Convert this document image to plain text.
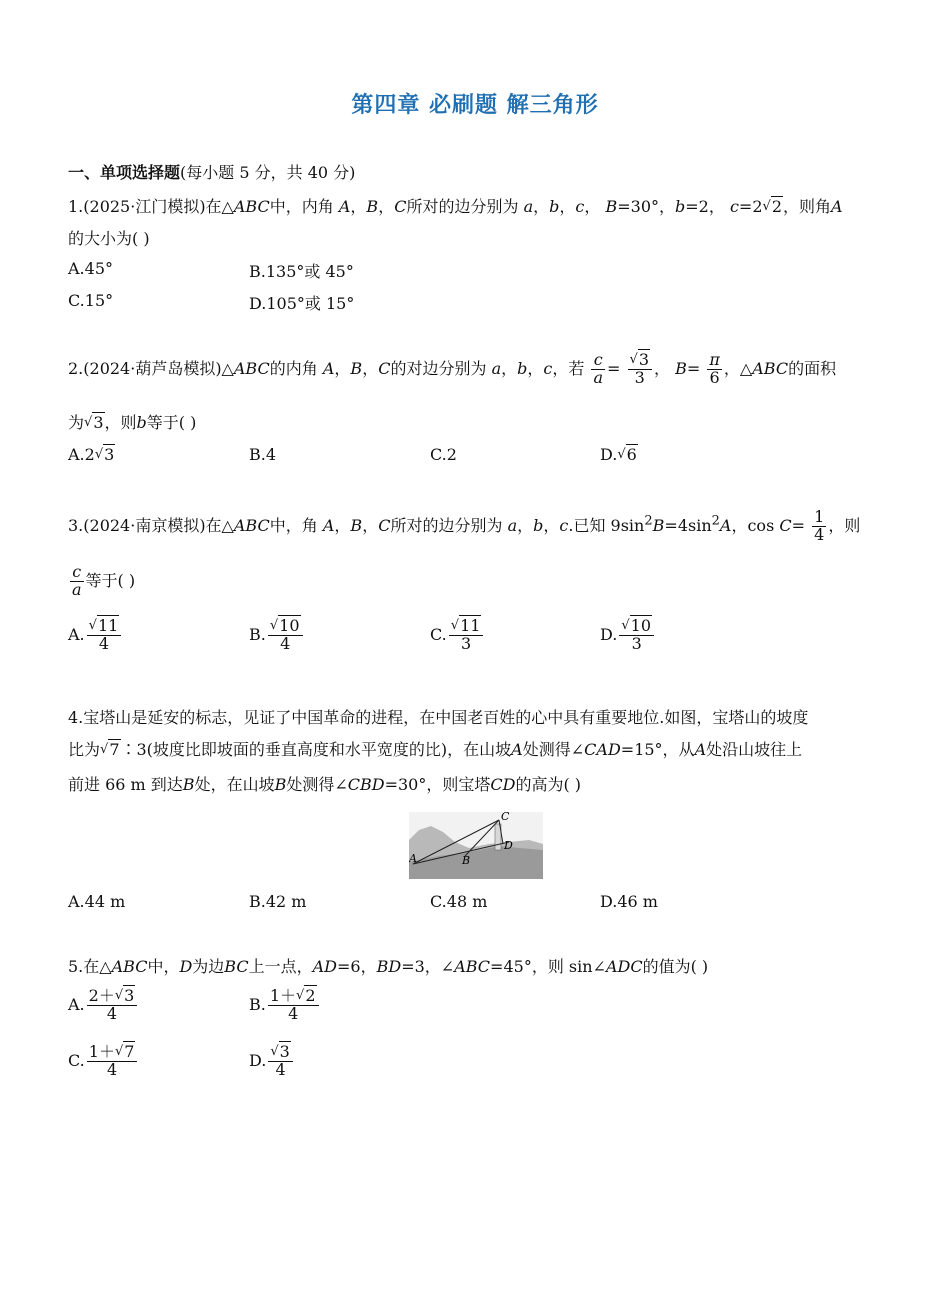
第四章 必刷题 解三角形
一、单项选择题(每小题 5 分，共 40 分)
1.(2025·江门模拟)在△ABC中，内角 A，B，C所对的边分别为 a，b，c， B=30°，b=2， c=2√2，则角A
的大小为( )
A.45°	B.135°或 45°
C.15°	D.105°或 15°
2.(2024·葫芦岛模拟)△ABC的内角 A，B，C的对边分别为 a，b，c，若 $\frac{c}{a} = \frac{√3}{3}$ ， $B= \frac{\pi}{6}$ ，△ABC的面积
为√3，则b等于( )
A.2√3	B.4	C.2	D.√6
3.(2024·南京模拟)在△ABC中，角 A，B，C所对的边分别为 a，b，c.已知 $9\sin^2B=4\sin^2A$，$\cos C= \frac{1}{4}$ ，则
$\frac{c}{a}$ 等于( )
A. $\frac{√11}{4}$	B. $\frac{√10}{4}$	C. $\frac{√11}{3}$	D. $\frac{√10}{3}$
4.宝塔山是延安的标志，见证了中国革命的进程，在中国老百姓的心中具有重要地位.如图，宝塔山的坡度
比为√7∶3(坡度比即坡面的垂直高度和水平宽度的比)，在山坡A处测得∠CAD=15°，从A处沿山坡往上
前进 66 m 到达B处，在山坡B处测得∠CBD=30°，则宝塔CD的高为( )
A	B
C
D
A.44 m	B.42 m	C.48 m	D.46 m
5.在△ABC中，D为边BC上一点，AD=6，BD=3，∠ABC=45°，则 sin∠ADC的值为( )
A. $\frac{2+√3}{4}$	B. $\frac{1+√2}{4}$
C. $\frac{1+√7}{4}$	D. $\frac{√3}{4}$
